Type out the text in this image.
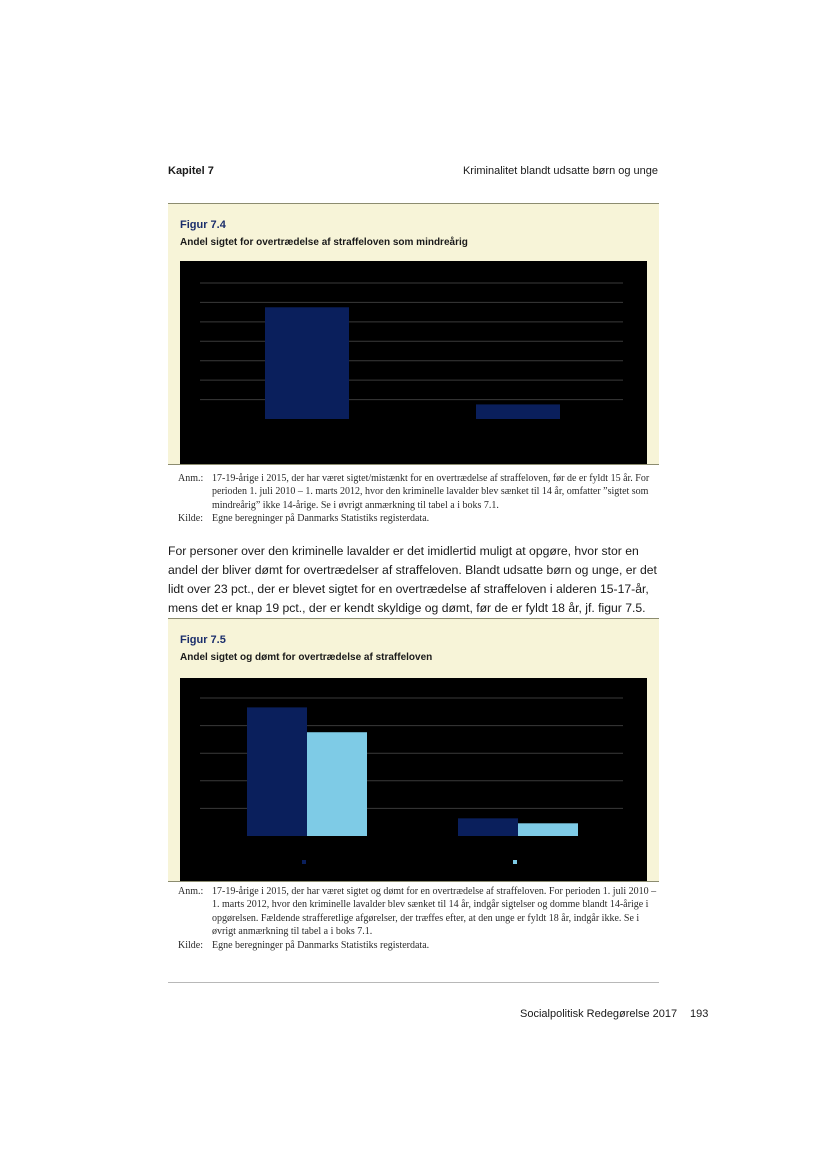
Kapitel 7	Kriminalitet blandt udsatte børn og unge
Figur 7.4
Andel sigtet for overtrædelse af straffeloven som mindreårig
Anm.: 17-19-årige i 2015, der har været sigtet/mistænkt for en overtrædelse af straffeloven, før de er fyldt 15 år. For perioden 1. juli 2010 – 1. marts 2012, hvor den kriminelle lavalder blev sænket til 14 år, omfatter ”sigtet som mindreårig” ikke 14-årige. Se i øvrigt anmærkning til tabel a i boks 7.1.
Kilde: Egne beregninger på Danmarks Statistiks registerdata.
For personer over den kriminelle lavalder er det imidlertid muligt at opgøre, hvor stor en andel der bliver dømt for overtrædelser af straffeloven. Blandt udsatte børn og unge, er det lidt over 23 pct., der er blevet sigtet for en overtrædelse af straffeloven i alderen 15-17-år, mens det er knap 19 pct., der er kendt skyldige og dømt, før de er fyldt 18 år, jf. figur 7.5.
Figur 7.5
Andel sigtet og dømt for overtrædelse af straffeloven
Anm.: 17-19-årige i 2015, der har været sigtet og dømt for en overtrædelse af straffeloven. For perioden 1. juli 2010 – 1. marts 2012, hvor den kriminelle lavalder blev sænket til 14 år, indgår sigtelser og domme blandt 14-årige i opgørelsen. Fældende strafferetlige afgørelser, der træffes efter, at den unge er fyldt 18 år, indgår ikke. Se i øvrigt anmærkning til tabel a i boks 7.1.
Kilde: Egne beregninger på Danmarks Statistiks registerdata.
Socialpolitisk Redegørelse 2017 193
